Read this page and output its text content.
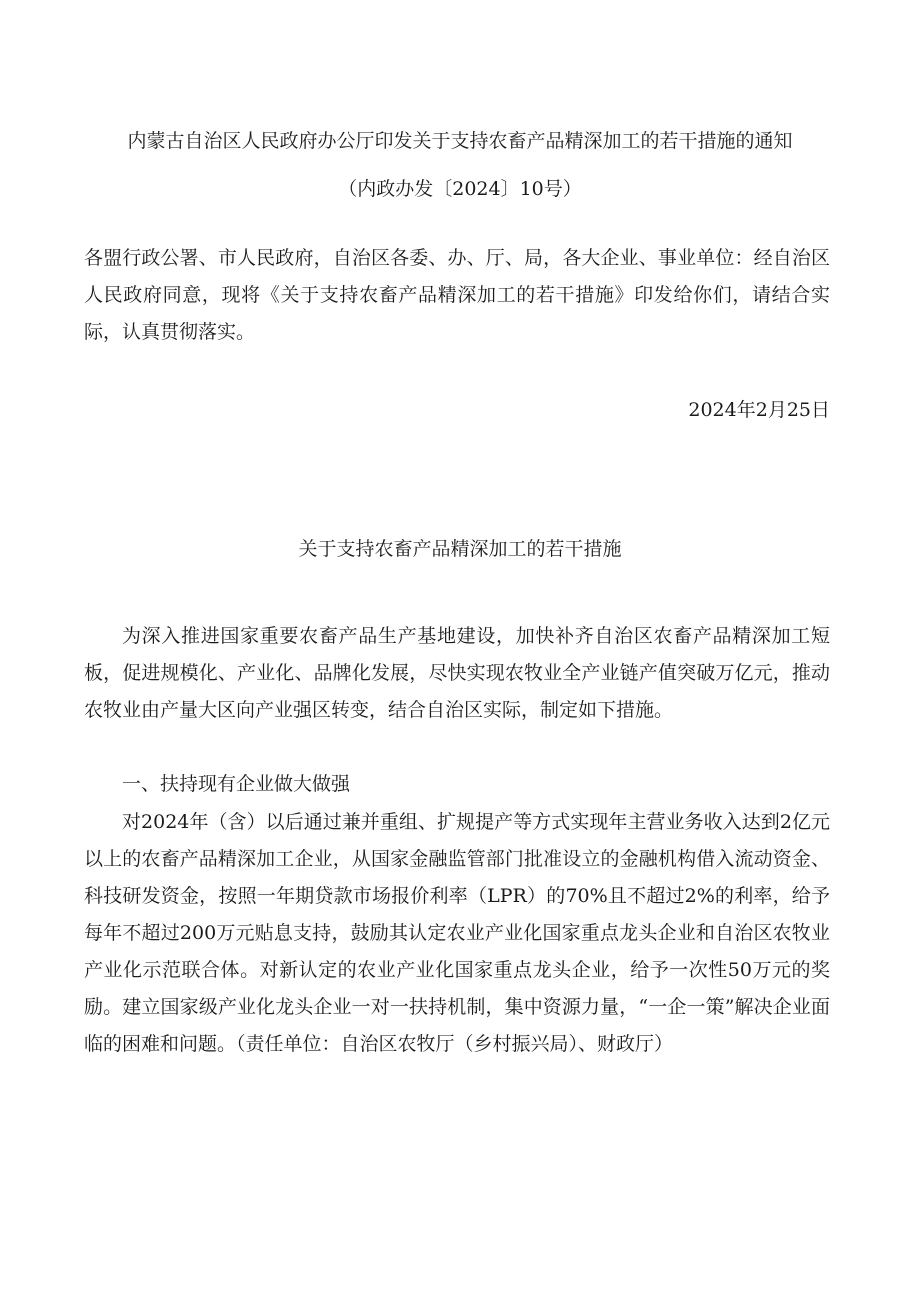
内蒙古自治区人民政府办公厅印发关于支持农畜产品精深加工的若干措施的通知
（内政办发〔2024〕10号）

各盟行政公署、市人民政府，自治区各委、办、厅、局，各大企业、事业单位：经自治区人民政府同意，现将《关于支持农畜产品精深加工的若干措施》印发给你们，请结合实际，认真贯彻落实。

2024年2月25日
关于支持农畜产品精深加工的若干措施

为深入推进国家重要农畜产品生产基地建设，加快补齐自治区农畜产品精深加工短板，促进规模化、产业化、品牌化发展，尽快实现农牧业全产业链产值突破万亿元，推动农牧业由产量大区向产业强区转变，结合自治区实际，制定如下措施。

一、扶持现有企业做大做强

对2024年（含）以后通过兼并重组、扩规提产等方式实现年主营业务收入达到2亿元以上的农畜产品精深加工企业，从国家金融监管部门批准设立的金融机构借入流动资金、科技研发资金，按照一年期贷款市场报价利率（LPR）的70%且不超过2%的利率，给予每年不超过200万元贴息支持，鼓励其认定农业产业化国家重点龙头企业和自治区农牧业产业化示范联合体。对新认定的农业产业化国家重点龙头企业，给予一次性50万元的奖励。建立国家级产业化龙头企业一对一扶持机制，集中资源力量，“一企一策”解决企业面临的困难和问题。（责任单位：自治区农牧厅（乡村振兴局）、财政厅）
